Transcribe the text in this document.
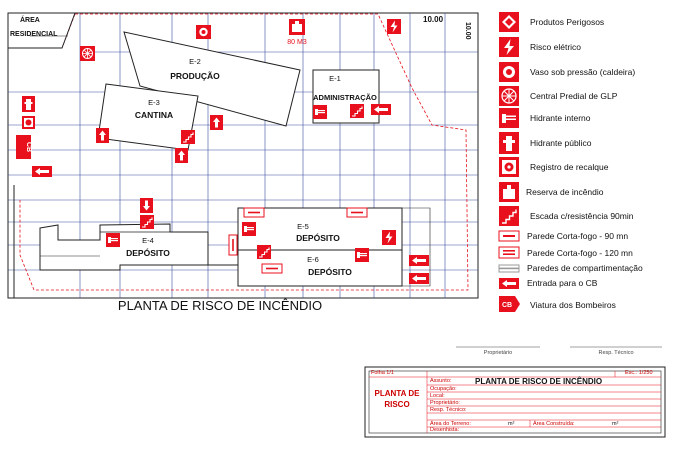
ÁREA
RESIDENCIAL
E-2
PRODUÇÃO
E-3
CANTINA
E-1
ADMINISTRAÇÃO
E-4
DEPÓSITO
E-5
DEPÓSITO
E-6
DEPÓSITO
10.00
10.00
80 M3
CB
PLANTA DE RISCO DE INCÊNDIO	CB
Proprietário	Resp. Técnico
Produtos Perigosos
Risco elétrico
Vaso sob pressão (caldeira)
Central Predial de GLP
Hidrante interno
Hidrante público
Registro de recalque
Reserva de incêndio
Escada c/resistência 90min
Parede Corta-fogo - 90 mn
Parede Corta-fogo - 120 mn
Paredes de compartimentação
Entrada para o CB
Viatura dos Bombeiros
Folha 1/1	Esc.: 1/250
PLANTA DE RISCO
Assunto:	PLANTA DE RISCO DE INCÊNDIO
Ocupação:
Local:
Proprietário:
Resp. Técnico:
Área do Terreno:	m²	Área Construída:	m²
Desenhista:
